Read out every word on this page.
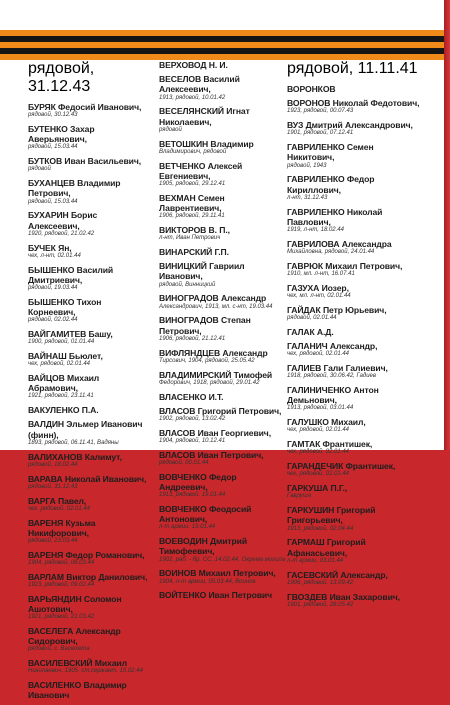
рядовой, 31.12.43
БУРЯК Федосий Иванович,
рядовой, 30.12.43
БУТЕНКО Захар Аверьянович,
рядовой, 15.03.44
БУТКОВ Иван Васильевич,
рядовой
БУХАНЦЕВ Владимир Петрович,
рядовой, 15.03.44
БУХАРИН Борис Алексеевич,
1920, рядовой, 21.02.42
БУЧЕК Ян,
чех, л-нт, 02.01.44
БЫШЕНКО Василий Дмитриевич,
рядовой, 19.03.44
БЫШЕНКО Тихон Корнеевич,
рядовой, 02.02.44
ВАЙГАМИТЕВ Башу,
1900, рядовой, 01.01.44
ВАЙНАШ Бьюлет,
чех, рядовой, 02.01.44
ВАЙЦОВ Михаил Абрамович,
1921, рядовой, 23.11.41
ВАКУЛЕНКО П.А.
ВАЛДИН Эльмер Иванович (финн),
1893, рядовой, 06.11.41, Вадяны
ВАЛИХАНОВ Калимут,
рядовой, 18.02.44
ВАРАВА Николай Иванович,
рядовой, 31.12.43
ВАРГА Павел,
чех, рядовой, 02.01.44
ВАРЕНЯ Кузьма Никифорович,
рядовой, 23.03.44
ВАРЕНЯ Федор Романович,
1904, рядовой, 06.03.44
ВАРЛАМ Виктор Данилович,
1923, рядовой, 09.02.44
ВАРЬЯНДИН Соломон Ашотович,
1921, рядовой, 21.03.42
ВАСЕЛЕГА Александр Сидорович,
рядовой, с. Васюхета
ВАСИЛЕВСКИЙ Михаил
Николаевич, 1905, ст.сержант, 15.02.44
ВАСИЛЕНКО Владимир Иванович
ВЕРХОВОД Н. И.
ВЕСЕЛОВ Василий Алексеевич,
1913, рядовой, 10.01.42
ВЕСЕЛЯНСКИЙ Игнат Николаевич,
рядовой
ВЕТОШКИН Владимир
Владимирович, рядовой
ВЕТЧЕНКО Алексей Евгениевич,
1905, рядовой, 29.12.41
ВЕХМАН Семен Лаврентиевич,
1906, рядовой, 29.11.41
ВИКТОРОВ В. П.,
л-нт, Иван Петрович
ВИНАРСКИЙ Г.П.
ВИНИЦКИЙ Гавриил Иванович,
рядовой, Винницкий
ВИНОГРАДОВ Александр
Александрович, 1913, мл. с-нт, 19.03.44
ВИНОГРАДОВ Степан Петрович,
1906, рядовой, 21.12.41
ВИФЛЯНДЦЕВ Александр
Тирсович, 1904, рядовой, 25.05.42
ВЛАДИМИРСКИЙ Тимофей
Федорович, 1918, рядовой, 29.01.42
ВЛАСЕНКО И.Т.
ВЛАСОВ Григорий Петрович,
1902, рядовой, 13.02.42
ВЛАСОВ Иван Георгиевич,
1904, рядовой, 10.12.41
ВЛАСОВ Иван Петрович,
рядовой, 00.01.44
ВОВЧЕНКО Федор Андреевич,
1913, рядовой, 19.01.44
ВОВЧЕНКО Феодосий Антонович,
л-т армии, 19.01.44
ВОЕВОДИН Дмитрий Тимофеевич,
1902, раб. - бр. СС, 14.02.44, Окрема могила
ВОИНОВ Михаил Петрович,
1904, л-т армии, 05.03.44, Воинов
ВОЙТЕНКО Иван Петрович
рядовой, 11.11.41
ВОРОНКОВ
ВОРОНОВ Николай Федотович,
1923, рядовой, 00.07.43
ВУЗ Дмитрий Александрович,
1901, рядовой, 07.12.41
ГАВРИЛЕНКО Семен Никитович,
рядовой, 1943
ГАВРИЛЕНКО Федор Кириллович,
л-нт, 31.12.43
ГАВРИЛЕНКО Николай Павлович,
1919, л-нт, 18.02.44
ГАВРИЛОВА Александра
Михайловна, рядовой, 24.01.44
ГАВРЮК Михаил Петрович,
1910, мл. л-нт, 16.07.41
ГАЗУХА Иозер,
чех, мл. л-нт, 02.01.44
ГАЙДАК Петр Юрьевич,
рядовой, 02.01.44
ГАЛАК А.Д.
ГАЛАНИЧ Александр,
чех, рядовой, 02.01.44
ГАЛИЕВ Гали Галиевич,
1918, рядовой, 30.06.42, Гадиев
ГАЛИНИЧЕНКО Антон Демьнович,
1913, рядовой, 03.01.44
ГАЛУШКО Михаил,
чех, рядовой, 02.01.44
ГАМТАК Франтишек,
чех, рядовой, 02.01.44
ГАРАНДЕЧИК Франтишек,
чех, рядовой, 02.01.44
ГАРКУША П.Г.,
Гавруша
ГАРКУШИН Григорий Григорьевич,
1913, рядовой, 02.04.44
ГАРМАШ Григорий Афанасьевич,
л-т армии, 03.01.44
ГАСЕВСКИЙ Александр,
1906, рядовой, 13.09.42
ГВОЗДЕВ Иван Захарович,
1901, рядовой, 28.05.42
